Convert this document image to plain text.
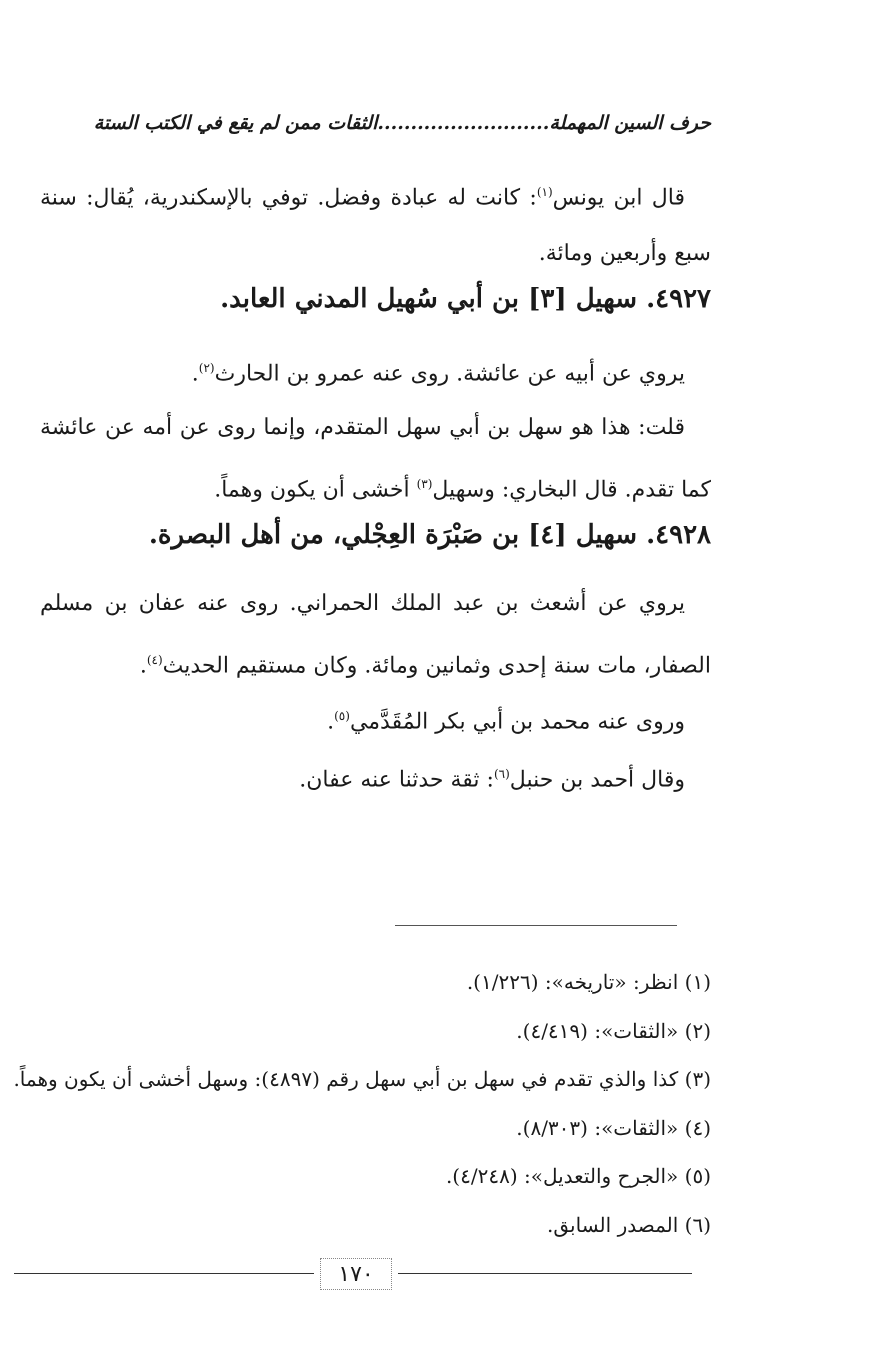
حرف السين المهملة..........................الثقات ممن لم يقع في الكتب الستة

قال ابن يونس$^{(١)}$: كانت له عبادة وفضل. توفي بالإسكندرية، يُقال: سنة سبع وأربعين ومائة.

٤٩٢٧. سهيل [٣] بن أبي سُهيل المدني العابد.

يروي عن أبيه عن عائشة. روى عنه عمرو بن الحارث$^{(٢)}$.

قلت: هذا هو سهل بن أبي سهل المتقدم، وإنما روى عن أمه عن عائشة كما تقدم. قال البخاري: وسهيل$^{(٣)}$ أخشى أن يكون وهماً.

٤٩٢٨. سهيل [٤] بن صَبْرَة العِجْلي، من أهل البصرة.

يروي عن أشعث بن عبد الملك الحمراني. روى عنه عفان بن مسلم الصفار، مات سنة إحدى وثمانين ومائة. وكان مستقيم الحديث$^{(٤)}$.

وروى عنه محمد بن أبي بكر المُقَدَّمي$^{(٥)}$.

وقال أحمد بن حنبل$^{(٦)}$: ثقة حدثنا عنه عفان.

(١) انظر: «تاريخه»: (١/٢٢٦).

(٢) «الثقات»: (٤/٤١٩).

(٣) كذا والذي تقدم في سهل بن أبي سهل رقم (٤٨٩٧): وسهل أخشى أن يكون وهماً.

(٤) «الثقات»: (٨/٣٠٣).

(٥) «الجرح والتعديل»: (٤/٢٤٨).

(٦) المصدر السابق.

١٧٠
